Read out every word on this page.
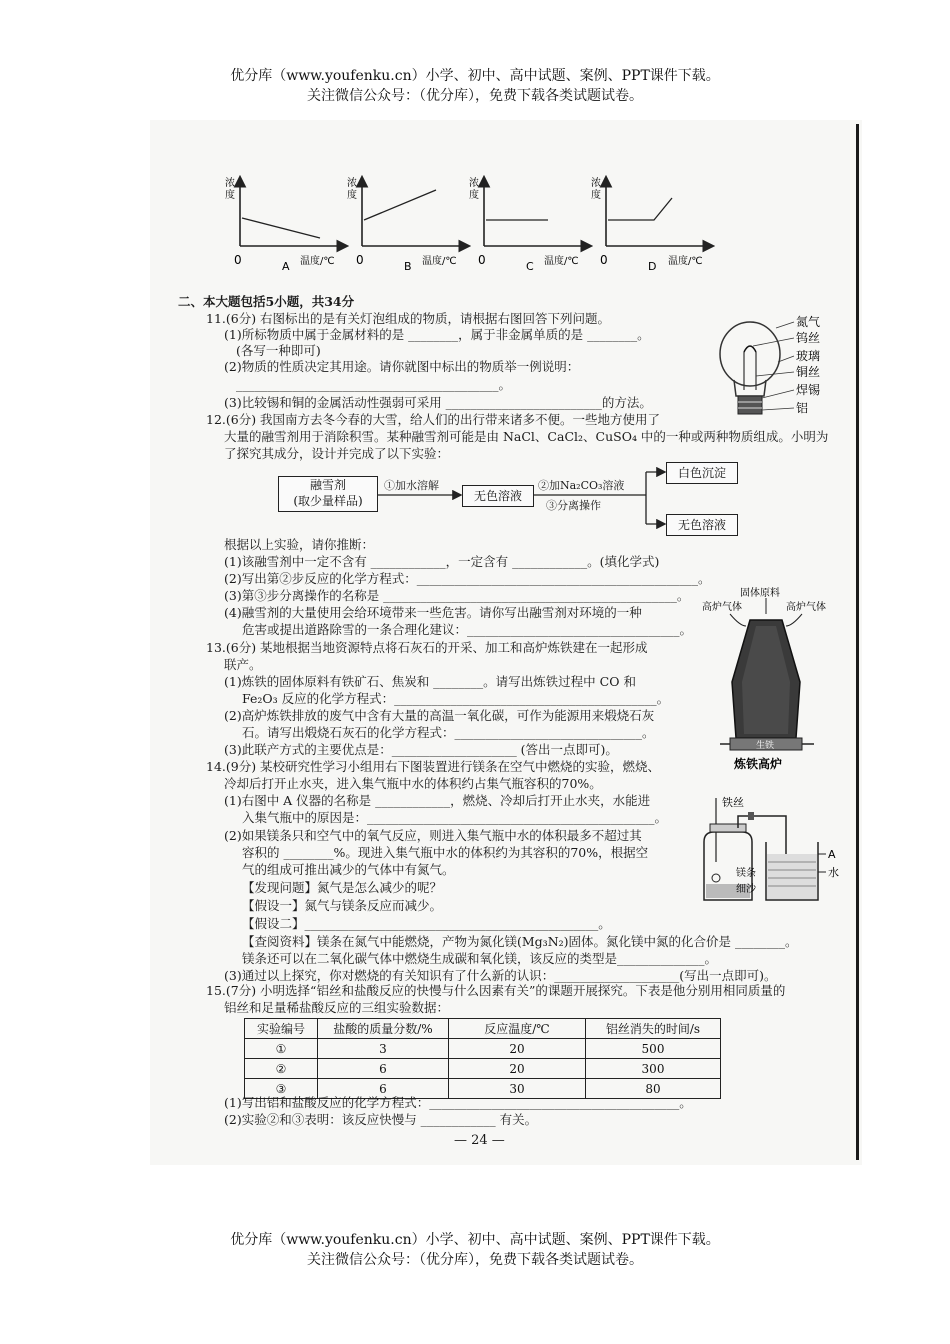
优分库（www.youfenku.cn）小学、初中、高中试题、案例、PPT课件下载。
关注微信公众号：（优分库），免费下载各类试题试卷。
浓
度
0	A 温度/℃
浓
度
0	B 温度/℃
浓
度
0	C 温度/℃
浓
度
0	D 温度/℃
二、本大题包括5小题，共34分
11.(6分) 右图标出的是有关灯泡组成的物质，请根据右图回答下列问题。
(1)所标物质中属于金属材料的是 ________，属于非金属单质的是 ________。
(各写一种即可)
(2)物质的性质决定其用途。请你就图中标出的物质举一例说明：
__________________________________________。
(3)比较锡和铜的金属活动性强弱可采用 _________________________的方法。
氮气
钨丝
玻璃
铜丝
焊锡
铝
12.(6分) 我国南方去冬今春的大雪，给人们的出行带来诸多不便。一些地方使用了
大量的融雪剂用于消除积雪。某种融雪剂可能是由 NaCl、CaCl₂、CuSO₄ 中的一种或两种物质组成。小明为
了探究其成分，设计并完成了以下实验：
融雪剂
(取少量样品)	无色溶液
白色沉淀
无色溶液
①加水溶解	②加Na₂CO₃溶液
③分离操作
根据以上实验，请你推断：
(1)该融雪剂中一定不含有 ____________，一定含有 ____________。(填化学式)
(2)写出第②步反应的化学方程式：_____________________________________________。
(3)第③步分离操作的名称是 _______________________________________________。
(4)融雪剂的大量使用会给环境带来一些危害。请你写出融雪剂对环境的一种
危害或提出道路除雪的一条合理化建议：__________________________________。
13.(6分) 某地根据当地资源特点将石灰石的开采、加工和高炉炼铁建在一起形成
联产。
(1)炼铁的固体原料有铁矿石、焦炭和 ________。请写出炼铁过程中 CO 和
Fe₂O₃ 反应的化学方程式：__________________________________________。
(2)高炉炼铁排放的废气中含有大量的高温一氧化碳，可作为能源用来煅烧石灰
石。请写出煅烧石灰石的化学方程式：______________________________。
(3)此联产方式的主要优点是：____________________ (答出一点即可)。
固体原料
高炉气体	高炉气体
生铁
炼铁高炉
14.(9分) 某校研究性学习小组用右下图装置进行镁条在空气中燃烧的实验，燃烧、
冷却后打开止水夹，进入集气瓶中水的体积约占集气瓶容积的70%。
(1)右图中 A 仪器的名称是 ____________，燃烧、冷却后打开止水夹，水能进
入集气瓶中的原因是：______________________________________________。
(2)如果镁条只和空气中的氧气反应，则进入集气瓶中水的体积最多不超过其
容积的 ________%。现进入集气瓶中水的体积约为其容积的70%，根据空
气的组成可推出减少的气体中有氮气。
【发现问题】氮气是怎么减少的呢？
【假设一】氮气与镁条反应而减少。
【假设二】_______________________________________________。
【查阅资料】镁条在氮气中能燃烧，产物为氮化镁(Mg₃N₂)固体。氮化镁中氮的化合价是 ________。
镁条还可以在二氧化碳气体中燃烧生成碳和氧化镁，该反应的类型是______________。
(3)通过以上探究，你对燃烧的有关知识有了什么新的认识：____________________(写出一点即可)。
铁丝
A
水
镁条
细沙
15.(7分) 小明选择“铝丝和盐酸反应的快慢与什么因素有关”的课题开展探究。下表是他分别用相同质量的
实验编号	盐酸的质量分数/%	反应温度/℃	铝丝消失的时间/s
①	3	20	500
②	6	20	300
③	6	30	80
(1)写出铝和盐酸反应的化学方程式：________________________________________。
(2)实验②和③表明：该反应快慢与 ____________ 有关。
— 24 —
优分库（www.youfenku.cn）小学、初中、高中试题、案例、PPT课件下载。
关注微信公众号：（优分库），免费下载各类试题试卷。
铝丝和足量稀盐酸反应的三组实验数据：
